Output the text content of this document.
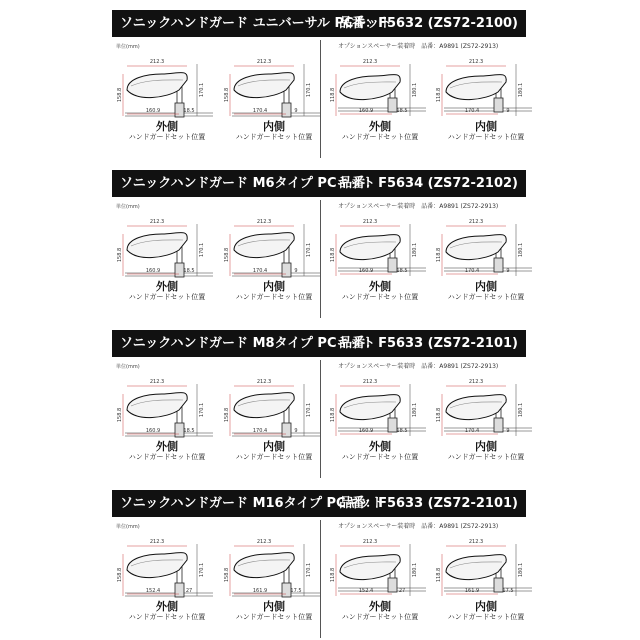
ソニックハンドガード ユニバーサル PCキット
品番：F5632 (ZS72-2100)
単位(mm)	オプションスペーサー装着時　品番：A9891 (ZS72-2913)
212.3
160.9	18.5
158.8	170.1
外側
ハンドガードセット位置
212.3
170.4	9
158.8	170.1
内側
ハンドガードセット位置
212.3
160.9	18.5
118.8	180.1
外側
ハンドガードセット位置
212.3
170.4	9
118.8	180.1
内側
ハンドガードセット位置
ソニックハンドガード M6タイプ PCキット
品番：F5634 (ZS72-2102)
単位(mm)	オプションスペーサー装着時　品番：A9891 (ZS72-2913)
212.3
160.9	18.5
158.8	170.1
外側
ハンドガードセット位置
212.3
170.4	9
158.8	170.1
内側
ハンドガードセット位置
212.3
160.9	18.5
118.8	180.1
外側
ハンドガードセット位置
212.3
170.4	9
118.8	180.1
内側
ハンドガードセット位置
ソニックハンドガード M8タイプ PCキット
品番：F5633 (ZS72-2101)
単位(mm)	オプションスペーサー装着時　品番：A9891 (ZS72-2913)
212.3
160.9	18.5
158.8	170.1
外側
ハンドガードセット位置
212.3
170.4	9
158.8	170.1
内側
ハンドガードセット位置
212.3
160.9	18.5
118.8	180.1
外側
ハンドガードセット位置
212.3
170.4	9
118.8	180.1
内側
ハンドガードセット位置
ソニックハンドガード M16タイプ PCキット
品番：F5633 (ZS72-2101)
単位(mm)	オプションスペーサー装着時　品番：A9891 (ZS72-2913)
212.3
152.4	27
158.8	170.1
外側
ハンドガードセット位置
212.3
161.9	17.5
158.8	170.1
内側
ハンドガードセット位置
212.3
152.4	27
118.8	180.1
外側
ハンドガードセット位置
212.3
161.9	17.5
118.8	180.1
内側
ハンドガードセット位置
